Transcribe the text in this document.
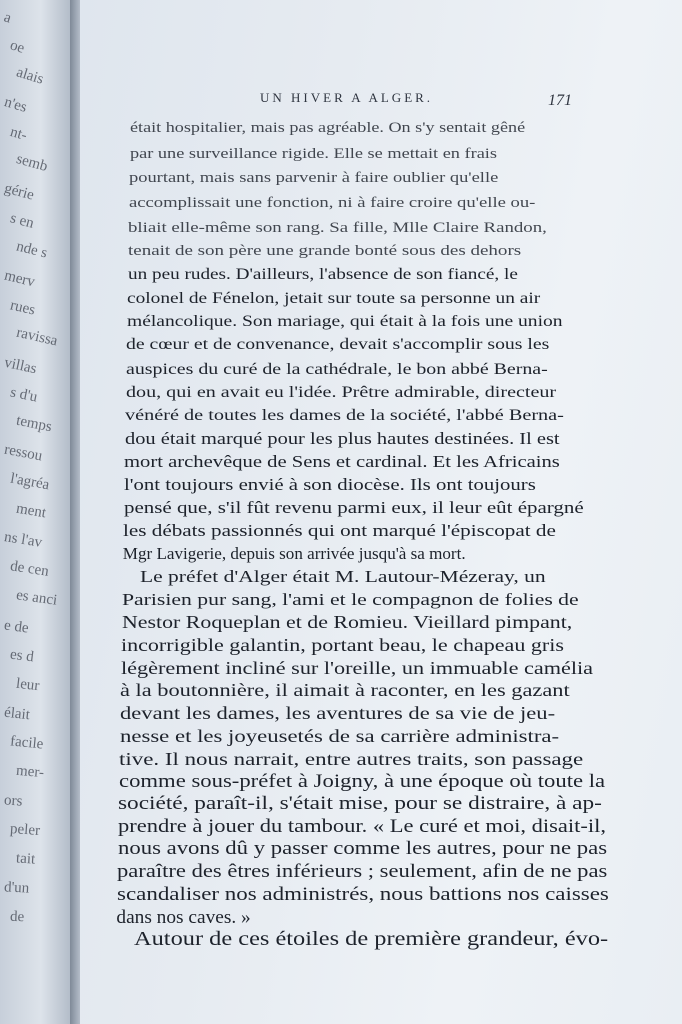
a
oe
alais
n'es
nt-
semb
gérie
s en
nde s
merv
rues
ravissa
villas
s d'u
temps
ressou
l'agréa
ment
ns l'av
de cen
es anci
e de
es d
leur
élait
facile
mer-
ors
peler
tait
d'un
de
UN HIVER A ALGER.	171
était hospitalier, mais pas agréable. On s'y sentait gêné
par une surveillance rigide. Elle se mettait en frais
pourtant, mais sans parvenir à faire oublier qu'elle
accomplissait une fonction, ni à faire croire qu'elle ou-
bliait elle-même son rang. Sa fille, Mlle Claire Randon,
tenait de son père une grande bonté sous des dehors
un peu rudes. D'ailleurs, l'absence de son fiancé, le
colonel de Fénelon, jetait sur toute sa personne un air
mélancolique. Son mariage, qui était à la fois une union
de cœur et de convenance, devait s'accomplir sous les
auspices du curé de la cathédrale, le bon abbé Berna-
dou, qui en avait eu l'idée. Prêtre admirable, directeur
vénéré de toutes les dames de la société, l'abbé Berna-
dou était marqué pour les plus hautes destinées. Il est
mort archevêque de Sens et cardinal. Et les Africains
l'ont toujours envié à son diocèse. Ils ont toujours
pensé que, s'il fût revenu parmi eux, il leur eût épargné
les débats passionnés qui ont marqué l'épiscopat de
Mgr Lavigerie, depuis son arrivée jusqu'à sa mort.
Le préfet d'Alger était M. Lautour-Mézeray, un
Parisien pur sang, l'ami et le compagnon de folies de
Nestor Roqueplan et de Romieu. Vieillard pimpant,
incorrigible galantin, portant beau, le chapeau gris
légèrement incliné sur l'oreille, un immuable camélia
à la boutonnière, il aimait à raconter, en les gazant
devant les dames, les aventures de sa vie de jeu-
nesse et les joyeusetés de sa carrière administra-
tive. Il nous narrait, entre autres traits, son passage
comme sous-préfet à Joigny, à une époque où toute la
société, paraît-il, s'était mise, pour se distraire, à ap-
prendre à jouer du tambour. « Le curé et moi, disait-il,
nous avons dû y passer comme les autres, pour ne pas
paraître des êtres inférieurs ; seulement, afin de ne pas
scandaliser nos administrés, nous battions nos caisses
dans nos caves. »
Autour de ces étoiles de première grandeur, évo-
